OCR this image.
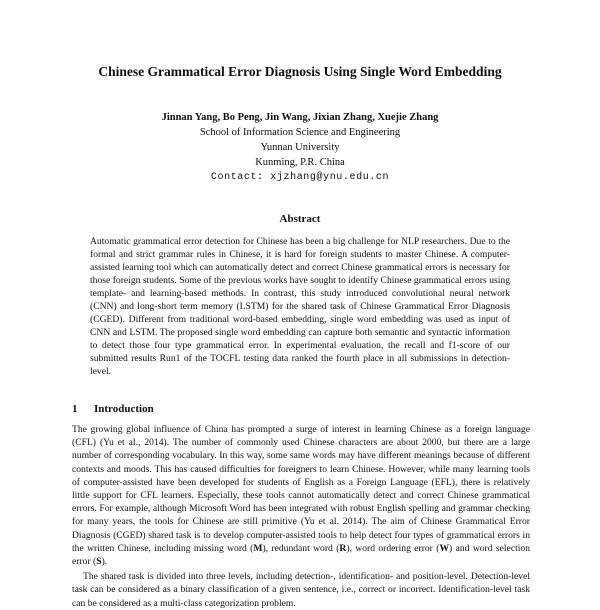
Chinese Grammatical Error Diagnosis Using Single Word Embedding
Jinnan Yang, Bo Peng, Jin Wang, Jixian Zhang, Xuejie Zhang
School of Information Science and Engineering
Yunnan University
Kunming, P.R. China
Contact: xjzhang@ynu.edu.cn
Abstract

Automatic grammatical error detection for Chinese has been a big challenge for NLP researchers. Due to the formal and strict grammar rules in Chinese, it is hard for foreign students to master Chinese. A computer-assisted learning tool which can automatically detect and correct Chinese grammatical errors is necessary for those foreign students. Some of the previous works have sought to identify Chinese grammatical errors using template- and learning-based methods. In contrast, this study introduced convolutional neural network (CNN) and long-short term memory (LSTM) for the shared task of Chinese Grammatical Error Diagnosis (CGED). Different from traditional word-based embedding, single word embedding was used as input of CNN and LSTM. The proposed single word embedding can capture both semantic and syntactic information to detect those four type grammatical error. In experimental evaluation, the recall and f1-score of our submitted results Run1 of the TOCFL testing data ranked the fourth place in all submissions in detection-level.

1 Introduction

The growing global influence of China has prompted a surge of interest in learning Chinese as a foreign language (CFL) (Yu et al., 2014). The number of commonly used Chinese characters are about 2000, but there are a large number of corresponding vocabulary. In this way, some same words may have different meanings because of different contexts and moods. This has caused difficulties for foreigners to learn Chinese. However, while many learning tools of computer-assisted have been developed for students of English as a Foreign Language (EFL), there is relatively little support for CFL learners. Especially, these tools cannot automatically detect and correct Chinese grammatical errors. For example, although Microsoft Word has been integrated with robust English spelling and grammar checking for many years, the tools for Chinese are still primitive (Yu et al. 2014). The aim of Chinese Grammatical Error Diagnosis (CGED) shared task is to develop computer-assisted tools to help detect four types of grammatical errors in the written Chinese, including missing word (M), redundant word (R), word ordering error (W) and word selection error (S).

The shared task is divided into three levels, including detection-, identification- and position-level. Detection-level task can be considered as a binary classification of a given sentence, i.e., correct or incorrect. Identification-level task can be considered as a multi-class categorization problem.
